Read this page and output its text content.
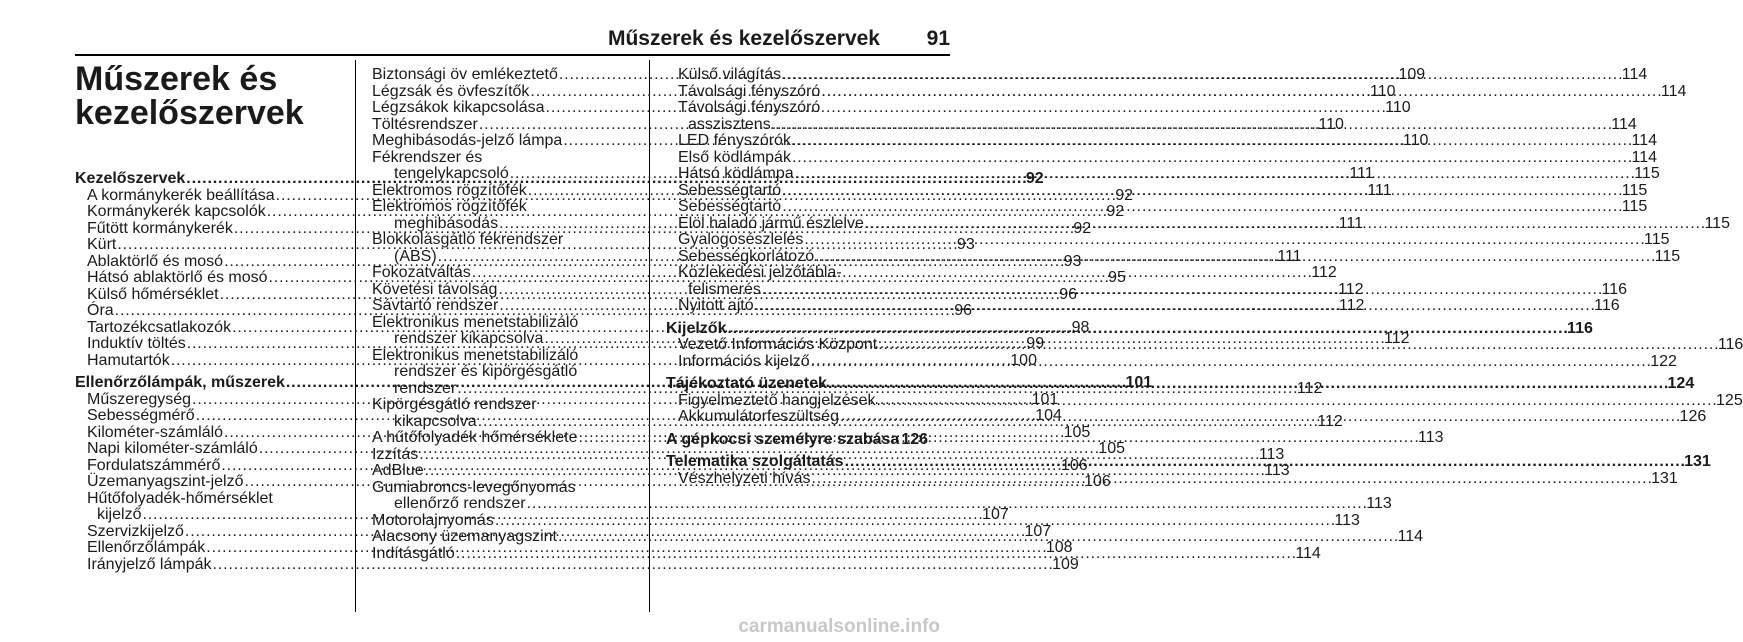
Műszerek és kezelőszervek 91
Műszerek és
kezelőszervek
Kezelőszervek . . .	92
A kormánykerék beállítása . . .	92
Kormánykerék kapcsolók . . .	92
Fűtött kormánykerék . . .	92
Kürt . . .	93
Ablaktörlő és mosó . . .	93
Hátsó ablaktörlő és mosó . . .	95
Külső hőmérséklet . . .	96
Óra . . .	96
Tartozékcsatlakozók . . .	98
Induktív töltés . . .	99
Hamutartók . . .	100
Ellenőrzőlámpák, műszerek . . .	101
Műszeregység . . .	101
Sebességmérő . . .	104
Kilométer-számláló . . .	105
Napi kilométer-számláló . . .	105
Fordulatszámmérő . . .	106
Üzemanyagszint-jelző . . .	106
Hűtőfolyadék-hőmérséklet
kijelző . . .	107
Szervizkijelző . . .	107
Ellenőrzőlámpák . . .	108
Irányjelző lámpák . . .	109
Biztonsági öv emlékeztető . . .	109
Légzsák és övfeszítők . . .	110
Légzsákok kikapcsolása . . .	110
Töltésrendszer . . .	110
Meghibásodás-jelző lámpa . . .	110
Fékrendszer és
tengelykapcsoló . . .	111
Elektromos rögzítőfék . . .	111
Elektromos rögzítőfék
meghibásodás . . .	111
Blokkolásgátló fékrendszer
(ABS) . . .	111
Fokozatváltás . . .	112
Követési távolság . . .	112
Sávtartó rendszer . . .	112
Elektronikus menetstabilizáló
rendszer kikapcsolva . . .	112
Elektronikus menetstabilizáló
rendszer és kipörgésgátló
rendszer . . .	112
Kipörgésgátló rendszer
kikapcsolva . . .	112
A hűtőfolyadék hőmérséklete . . .	113
Izzítás . . .	113
AdBlue . . .	113
Gumiabroncs-levegőnyomás
ellenőrző rendszer . . .	113
Motorolajnyomás . . .	113
Alacsony üzemanyagszint . . .	114
Indításgátló . . .	114
Külső világítás . . .	114
Távolsági fényszóró . . .	114
Távolsági fényszóró
asszisztens . . .	114
LED fényszórók . . .	114
Első ködlámpák . . .	114
Hátsó ködlámpa . . .	115
Sebességtartó . . .	115
Sebességtartó . . .	115
Elöl haladó jármű észlelve . . .	115
Gyalogosészlelés . . .	115
Sebességkorlátozó . . .	115
Közlekedési jelzőtábla-
felismerés . . .	116
Nyitott ajtó . . .	116
Kijelzők . . .	116
Vezető Információs Központ . . .	116
Információs kijelző . . .	122
Tájékoztató üzenetek . . .	124
Figyelmeztető hangjelzések . . .	125
Akkumulátorfeszültség . . .	126
A gépkocsi személyre szabása 126
Telematika szolgáltatás . . .	131
Vészhelyzeti hívás . . .	131
carmanualsonline.info
